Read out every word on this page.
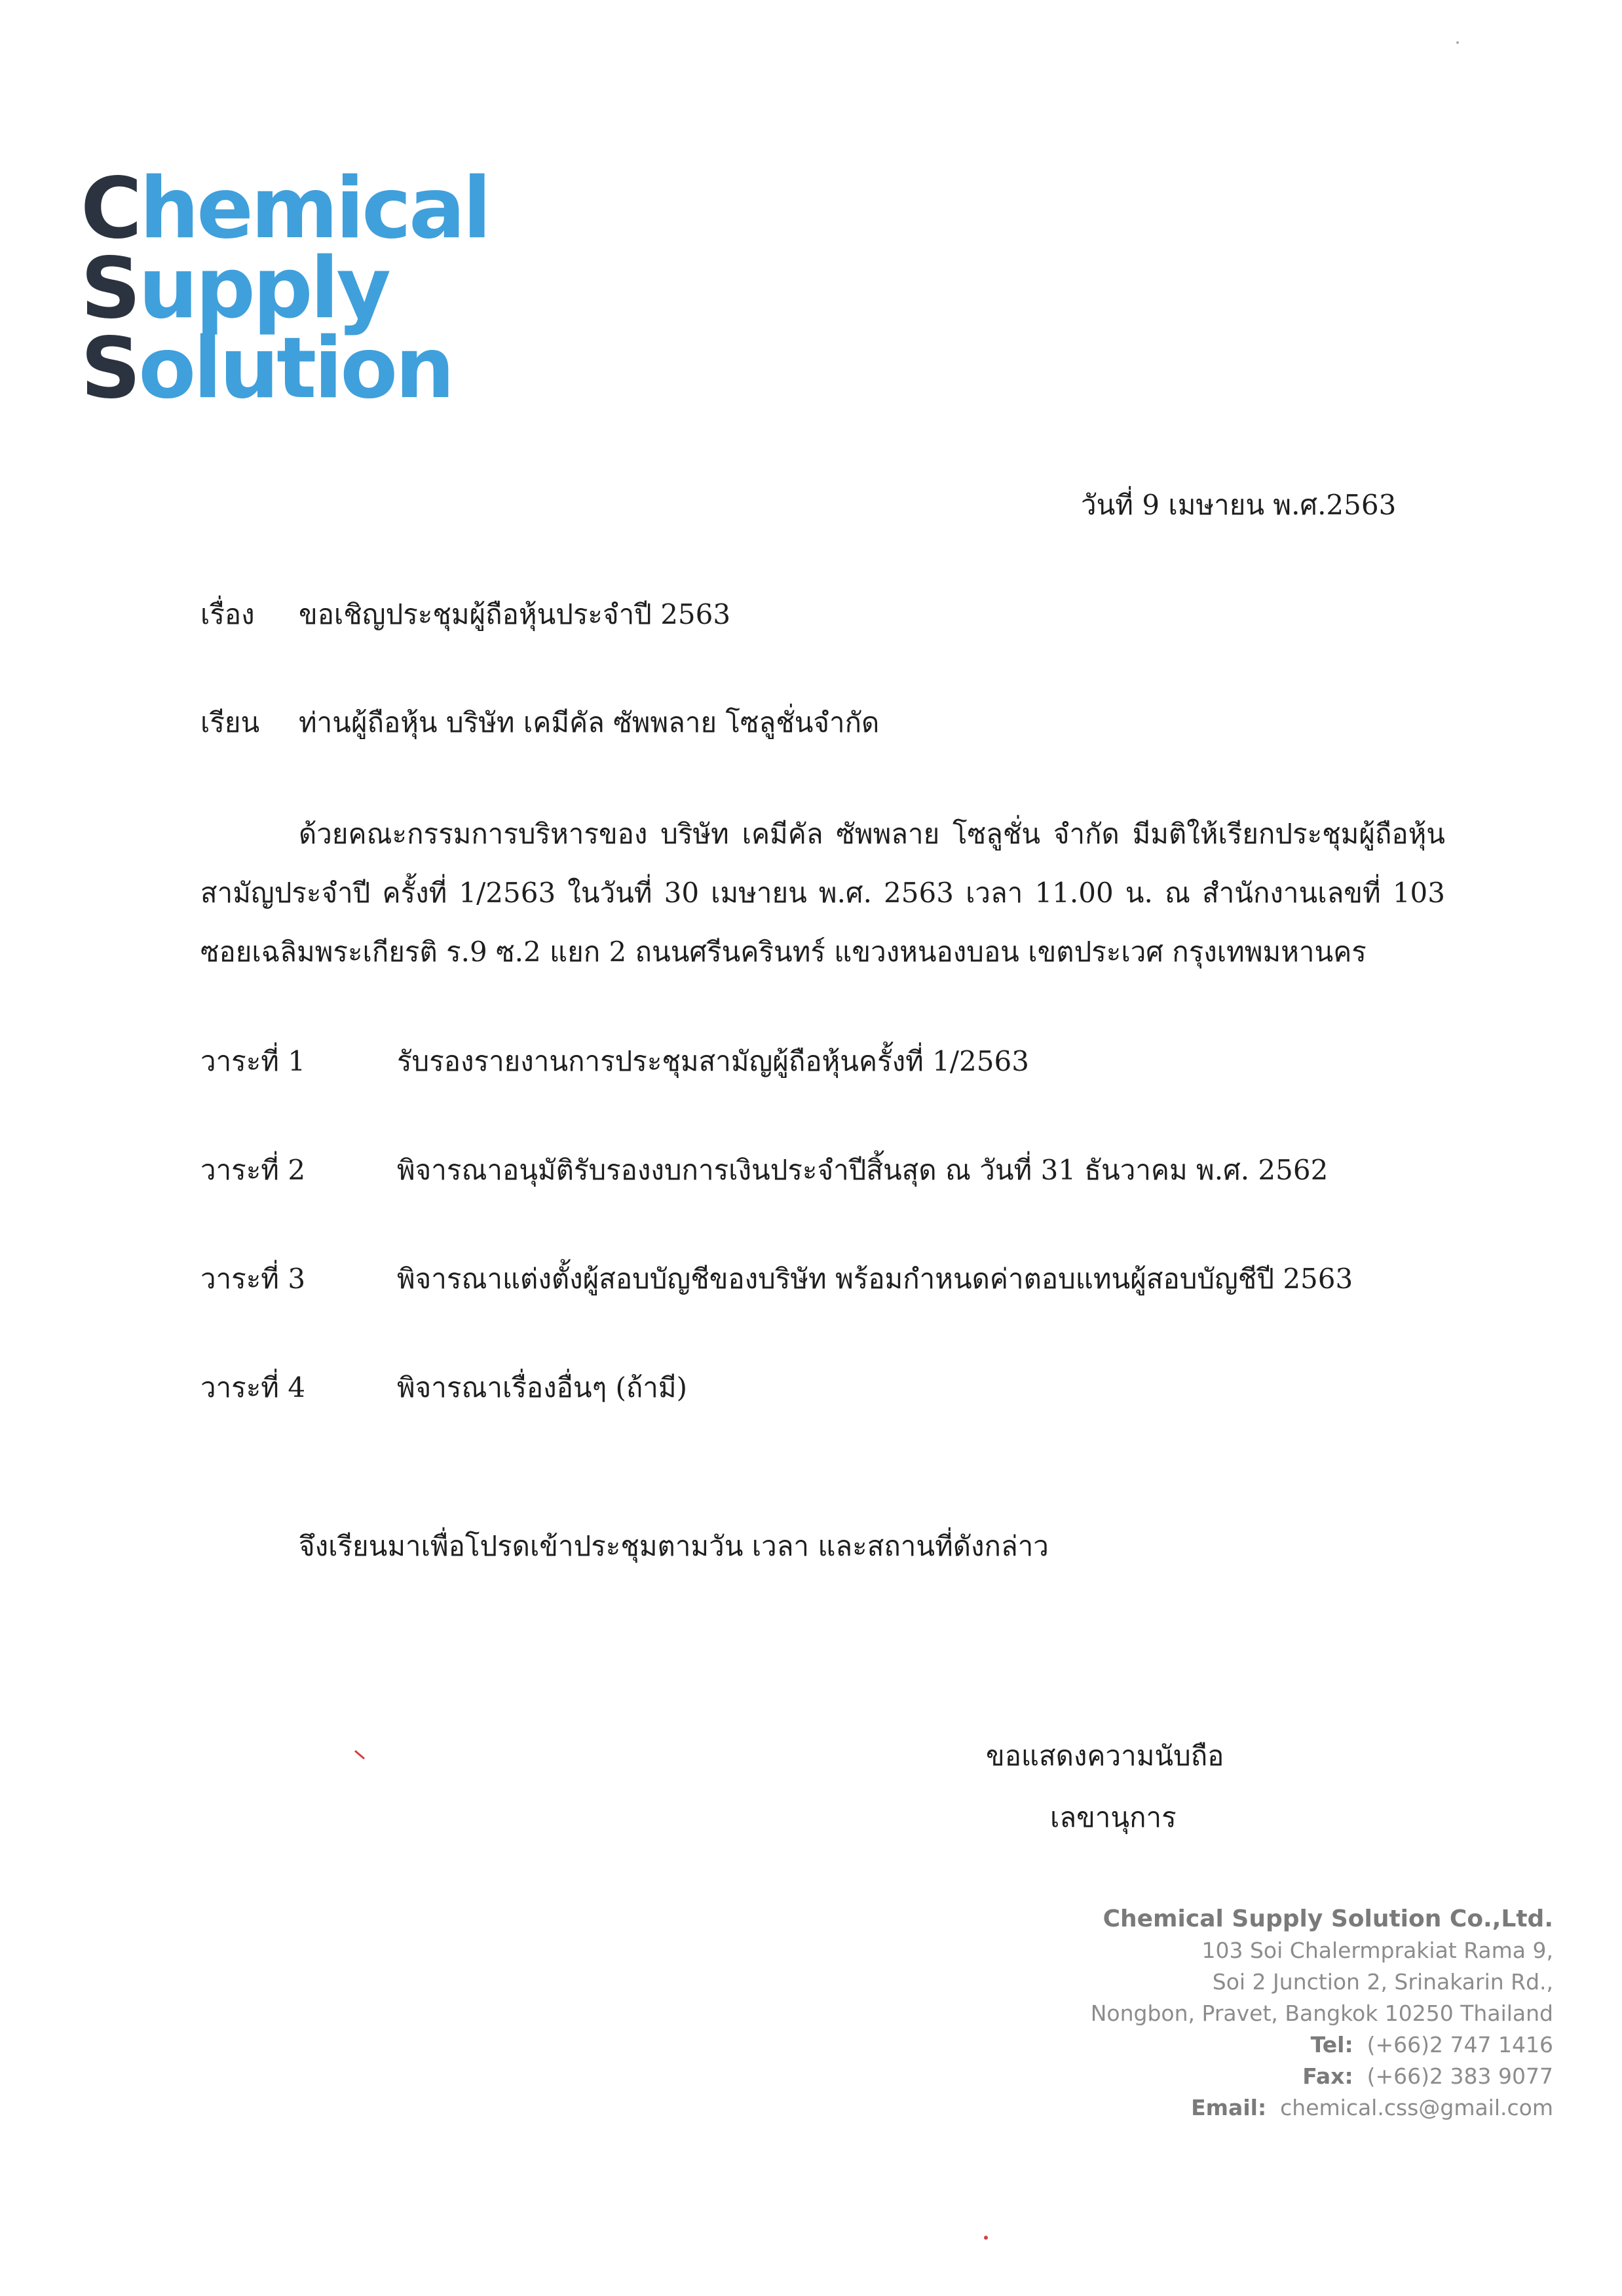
Chemical
Supply
Solution
วันที่ 9 เมษายน พ.ศ.2563
เรื่อง ขอเชิญประชุมผู้ถือหุ้นประจำปี 2563
เรียน ท่านผู้ถือหุ้น บริษัท เคมีคัล ซัพพลาย โซลูชั่นจำกัด
ด้วยคณะกรรมการบริหารของ บริษัท เคมีคัล ซัพพลาย โซลูชั่น จำกัด มีมติให้เรียกประชุมผู้ถือหุ้นสามัญประจำปี ครั้งที่ 1/2563 ในวันที่ 30 เมษายน พ.ศ. 2563 เวลา 11.00 น. ณ สำนักงานเลขที่ 103 ซอยเฉลิมพระเกียรติ ร.9 ซ.2 แยก 2 ถนนศรีนครินทร์ แขวงหนองบอน เขตประเวศ กรุงเทพมหานคร
วาระที่ 1	รับรองรายงานการประชุมสามัญผู้ถือหุ้นครั้งที่ 1/2563
วาระที่ 2	พิจารณาอนุมัติรับรองงบการเงินประจำปีสิ้นสุด ณ วันที่ 31 ธันวาคม พ.ศ. 2562
วาระที่ 3	พิจารณาแต่งตั้งผู้สอบบัญชีของบริษัท พร้อมกำหนดค่าตอบแทนผู้สอบบัญชีปี 2563
วาระที่ 4	พิจารณาเรื่องอื่นๆ (ถ้ามี)
จึงเรียนมาเพื่อโปรดเข้าประชุมตามวัน เวลา และสถานที่ดังกล่าว
ขอแสดงความนับถือ
เลขานุการ
Chemical Supply Solution Co.,Ltd.
103 Soi Chalermprakiat Rama 9,
Soi 2 Junction 2, Srinakarin Rd.,
Nongbon, Pravet, Bangkok 10250 Thailand
Tel: (+66)2 747 1416
Fax: (+66)2 383 9077
Email: chemical.css@gmail.com
